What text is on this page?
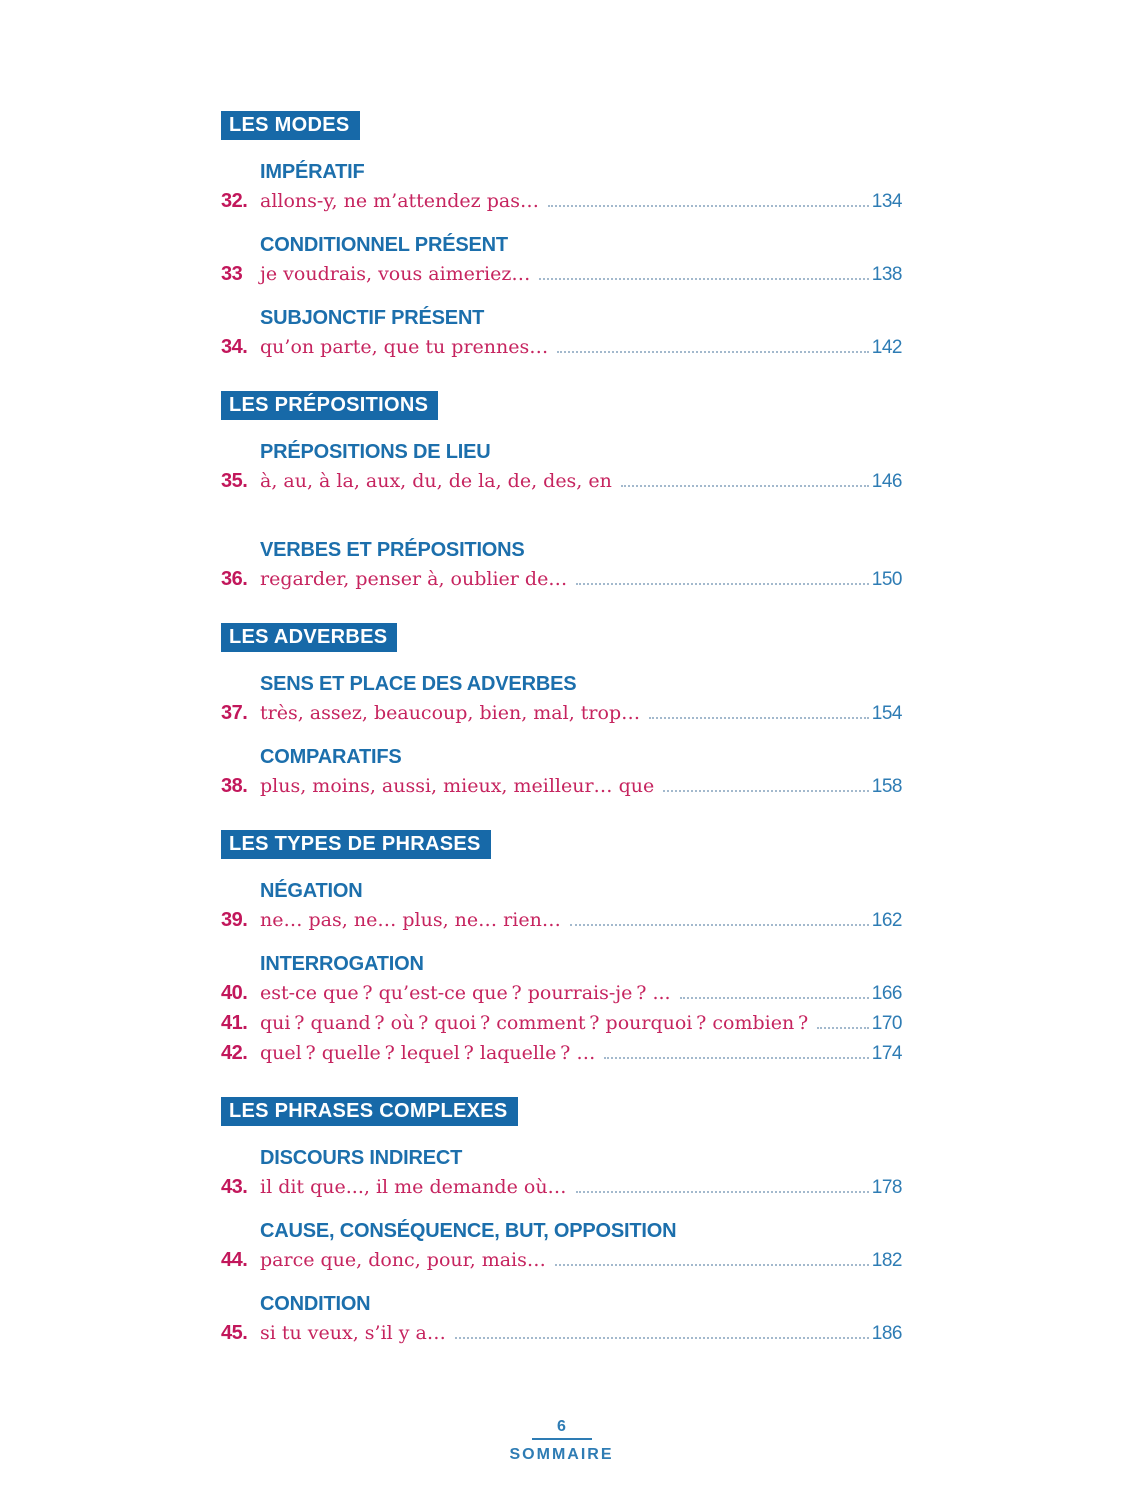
LES MODES
IMPÉRATIF
32. allons-y, ne m’attendez pas…	134
CONDITIONNEL PRÉSENT
33 je voudrais, vous aimeriez…	138
SUBJONCTIF PRÉSENT
34. qu’on parte, que tu prennes…	142
LES PRÉPOSITIONS
PRÉPOSITIONS DE LIEU
35. à, au, à la, aux, du, de la, de, des, en	146
VERBES ET PRÉPOSITIONS
36. regarder, penser à, oublier de…	150
LES ADVERBES
SENS ET PLACE DES ADVERBES
37. très, assez, beaucoup, bien, mal, trop…	154
COMPARATIFS
38. plus, moins, aussi, mieux, meilleur… que	158
LES TYPES DE PHRASES
NÉGATION
39. ne… pas, ne… plus, ne… rien…	162
INTERROGATION
40. est-ce que ? qu’est-ce que ? pourrais-je ? ...	166
41. qui ? quand ? où ? quoi ? comment ? pourquoi ? combien ?	170
42. quel ? quelle ? lequel ? laquelle ? …	174
LES PHRASES COMPLEXES
DISCOURS INDIRECT
43. il dit que..., il me demande où…	178
CAUSE, CONSÉQUENCE, BUT, OPPOSITION
44. parce que, donc, pour, mais…	182
CONDITION
45. si tu veux, s’il y a…	186
6
SOMMAIRE
